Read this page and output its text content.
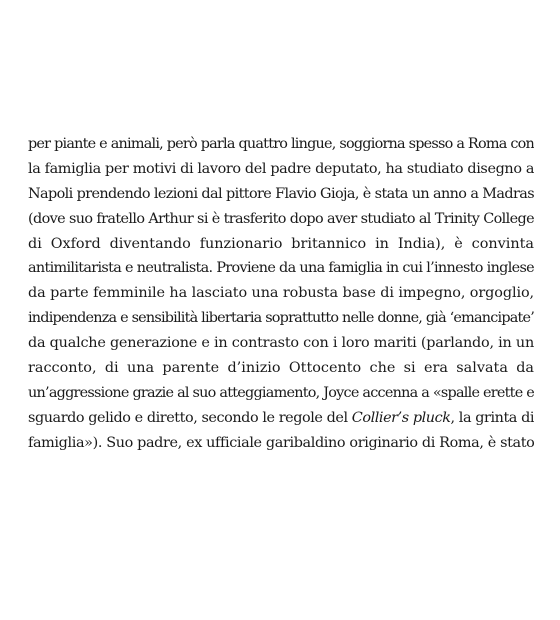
per piante e animali, però parla quattro lingue, soggiorna spesso a Roma con
la famiglia per motivi di lavoro del padre deputato, ha studiato disegno a
Napoli prendendo lezioni dal pittore Flavio Gioja, è stata un anno a Madras
(dove suo fratello Arthur si è trasferito dopo aver studiato al Trinity College
di Oxford diventando funzionario britannico in India), è convinta
antimilitarista e neutralista. Proviene da una famiglia in cui l’innesto inglese
da parte femminile ha lasciato una robusta base di impegno, orgoglio,
indipendenza e sensibilità libertaria soprattutto nelle donne, già ‘emancipate’
da qualche generazione e in contrasto con i loro mariti (parlando, in un
racconto, di una parente d’inizio Ottocento che si era salvata da
un’aggressione grazie al suo atteggiamento, Joyce accenna a «spalle erette e
sguardo gelido e diretto, secondo le regole del Collier’s pluck, la grinta di
famiglia»). Suo padre, ex ufficiale garibaldino originario di Roma, è stato
